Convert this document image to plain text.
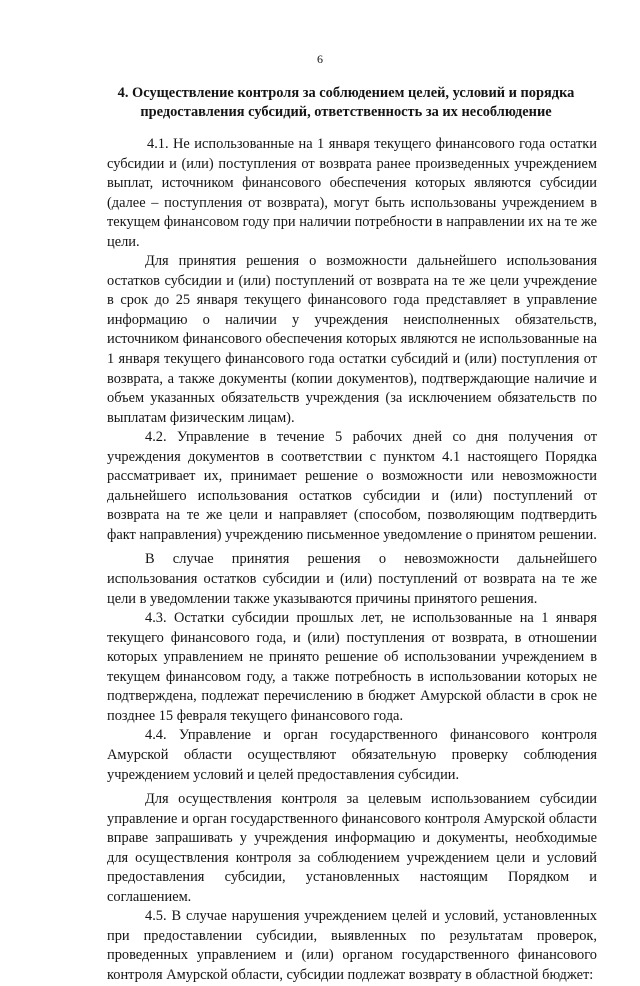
6
4. Осуществление контроля за соблюдением целей, условий и порядка предоставления субсидий, ответственность за их несоблюдение

4.1. Не использованные на 1 января текущего финансового года остатки субсидии и (или) поступления от возврата ранее произведенных учреждением выплат, источником финансового обеспечения которых являются субсидии (далее – поступления от возврата), могут быть использованы учреждением в текущем финансовом году при наличии потребности в направлении их на те же цели.

Для принятия решения о возможности дальнейшего использования остатков субсидии и (или) поступлений от возврата на те же цели учреждение в срок до 25 января текущего финансового года представляет в управление информацию о наличии у учреждения неисполненных обязательств, источником финансового обеспечения которых являются не использованные на 1 января текущего финансового года остатки субсидий и (или) поступления от возврата, а также документы (копии документов), подтверждающие наличие и объем указанных обязательств учреждения (за исключением обязательств по выплатам физическим лицам).

4.2. Управление в течение 5 рабочих дней со дня получения от учреждения документов в соответствии с пунктом 4.1 настоящего Порядка рассматривает их, принимает решение о возможности или невозможности дальнейшего использования остатков субсидии и (или) поступлений от возврата на те же цели и направляет (способом, позволяющим подтвердить факт направления) учреждению письменное уведомление о принятом решении.

В случае принятия решения о невозможности дальнейшего использования остатков субсидии и (или) поступлений от возврата на те же цели в уведомлении также указываются причины принятого решения.

4.3. Остатки субсидии прошлых лет, не использованные на 1 января текущего финансового года, и (или) поступления от возврата, в отношении которых управлением не принято решение об использовании учреждением в текущем финансовом году, а также потребность в использовании которых не подтверждена, подлежат перечислению в бюджет Амурской области в срок не позднее 15 февраля текущего финансового года.

4.4. Управление и орган государственного финансового контроля Амурской области осуществляют обязательную проверку соблюдения учреждением условий и целей предоставления субсидии.

Для осуществления контроля за целевым использованием субсидии управление и орган государственного финансового контроля Амурской области вправе запрашивать у учреждения информацию и документы, необходимые для осуществления контроля за соблюдением учреждением цели и условий предоставления субсидии, установленных настоящим Порядком и соглашением.

4.5. В случае нарушения учреждением целей и условий, установленных при предоставлении субсидии, выявленных по результатам проверок, проведенных управлением и (или) органом государственного финансового контроля Амурской области, субсидии подлежат возврату в областной бюджет:
